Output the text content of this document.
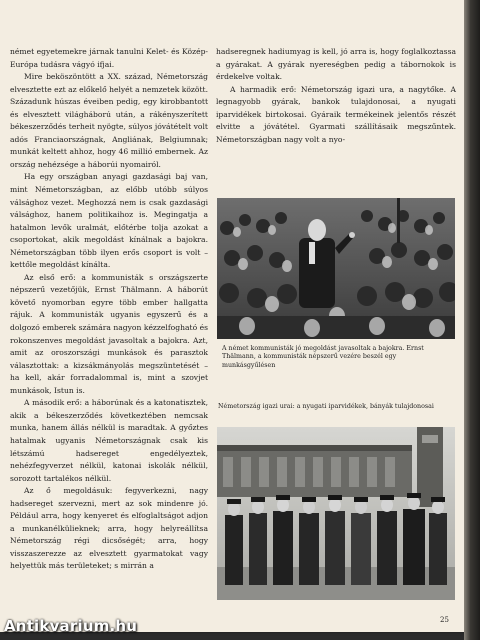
német egyetemekre járnak tanulni Kelet- és Közép-Európa tudásra vágyó ifjai.

Mire beköszöntött a XX. század, Németország elvesztette ezt az előkelő helyét a nemzetek között. Századunk húszas éveiben pedig, egy kirobbantott és elvesztett világháború után, a rákényszerített békeszerződés terheit nyögte, súlyos jóvátételt volt adós Franciaországnak, Angliának, Belgiumnak; munkát keltett ahhoz, hogy 46 millió embernek. Az ország nehézsége a háborúi nyomairól.

Ha egy országban anyagi gazdasági baj van, mint Németországban, az előbb utóbb súlyos válsághoz vezet. Meghozzá nem is csak gazdasági válsághoz, hanem politikaihoz is. Megingatja a hatalmon levők uralmát, előtérbe tolja azokat a csoportokat, akik megoldást kínálnak a bajokra. Németországban több ilyen erős csoport is volt – kettőle megoldást kínálta.

Az első erő: a kommunisták s országszerte népszerű vezetőjük, Ernst Thälmann. A háborút követő nyomorban egyre több ember hallgatta rájuk. A kommunisták ugyanis egyszerű és a dolgozó emberek számára nagyon kézzelfogható és rokonszenves megoldást javasoltak a bajokra. Azt, amit az oroszországi munkások és parasztok választottak: a kizsákmányolás megszüntetését – ha kell, akár forradalommal is, mint a szovjet munkások, Istun is.

A második erő: a háborúnak és a katonatisztek, akik a békeszerződés következtében nemcsak munka, hanem állás nélkül is maradtak. A győztes hatalmak ugyanis Németországnak csak kis létszámú hadsereget engedélyeztek, nehézfegyverzet nélkül, katonai iskolák nélkül, sorozott tartalékos nélkül.

Az ő megoldásuk: fegyverkezni, nagy hadsereget szervezni, mert az sok mindenre jó. Például arra, hogy kenyeret és elfoglaltságot adjon a munkanélkülieknek; arra, hogy helyreállítsa Németország régi dicsőségét; arra, hogy visszaszerezze az elvesztett gyarmatokat vagy helyettük más területeket; s mirrán a

hadseregnek hadiumyag is kell, jó arra is, hogy foglalkoztassa a gyárakat. A gyárak nyereségben pedig a tábornokok is érdekelve voltak.

A harmadik erő: Németország igazi ura, a nagytőke. A legnagyobb gyárak, bankok tulajdonosai, a nyugati iparvidékek birtokosai. Gyáraik termékeinek jelentős részét elvitte a jóvátétel. Gyarmati szállításaik megszűntek. Németországban nagy volt a nyo-

A német kommunisták jó megoldást javasoltak a bajokra. Ernst Thälmann, a kommunisták népszerű vezére beszél egy munkásgyűlésen
Németország igazi urai: a nyugati iparvidékek, bányák tulajdonosai
25
Antikvarium.hu
